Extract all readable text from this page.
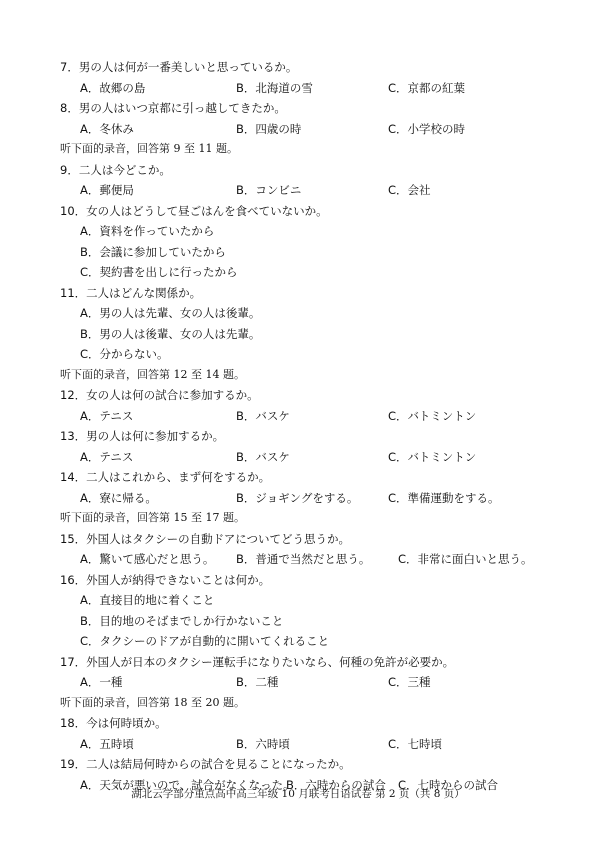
7．男の人は何が一番美しいと思っているか。
A．故郷の島	B．北海道の雪	C．京都の紅葉
8．男の人はいつ京都に引っ越してきたか。
A．冬休み	B．四歳の時	C．小学校の時
听下面的录音，回答第 9 至 11 题。
9．二人は今どこか。
A．郵便局	B．コンビニ	C．会社
10．女の人はどうして昼ごはんを食べていないか。
A．資料を作っていたから
B．会議に参加していたから
C．契約書を出しに行ったから
11．二人はどんな関係か。
A．男の人は先輩、女の人は後輩。
B．男の人は後輩、女の人は先輩。
C．分からない。
听下面的录音，回答第 12 至 14 题。
12．女の人は何の試合に参加するか。
A．テニス	B．バスケ	C．バトミントン
13．男の人は何に参加するか。
A．テニス	B．バスケ	C．バトミントン
14．二人はこれから、まず何をするか。
A．寮に帰る。	B．ジョギングをする。	C．準備運動をする。
听下面的录音，回答第 15 至 17 题。
15．外国人はタクシーの自動ドアについてどう思うか。
A．驚いて感心だと思う。 B．普通で当然だと思う。 C．非常に面白いと思う。
16．外国人が納得できないことは何か。
A．直接目的地に着くこと
B．目的地のそばまでしか行かないこと
C．タクシーのドアが自動的に開いてくれること
17．外国人が日本のタクシー運転手になりたいなら、何種の免許が必要か。
A．一種	B．二種	C．三種
听下面的录音，回答第 18 至 20 题。
18．今は何時頃か。
A．五時頃	B．六時頃	C．七時頃
19．二人は結局何時からの試合を見ることになったか。
A．天気が悪いので、試合がなくなった。
B．六時からの試合 C．七時からの試合
湖北云学部分重点高中高三年级 10 月联考日语试卷 第 2 页（共 8 页）
